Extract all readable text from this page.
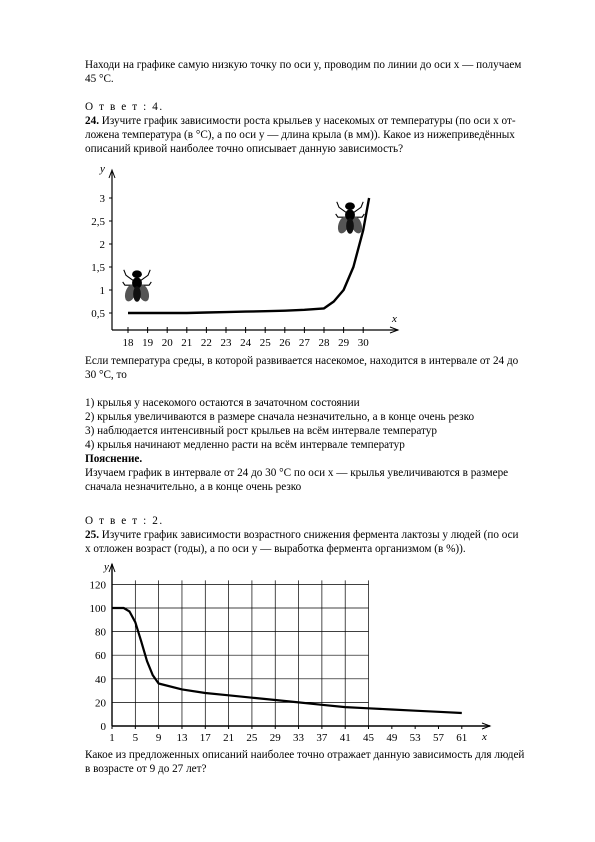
Находи на графике самую низкую точку по оси y, проводим по линии до оси x — получаем
45 °С.
О т в е т : 4.
24. Изучите график зависимости роста крыльев у насекомых от температуры (по оси x от-
ложена температура (в °С), а по оси y — длина крыла (в мм)). Какое из нижеприведённых
описаний кривой наиболее точно описывает данную зависимость?
y
x
0,5
1
1,5
2
2,5
3
18 19 20 21 22 23 24 25 26 27 28 29 30
Если температура среды, в которой развивается насекомое, находится в интервале от 24 до
30 °С, то
1) крылья у насекомого остаются в зачаточном состоянии
2) крылья увеличиваются в размере сначала незначительно, а в конце очень резко
3) наблюдается интенсивный рост крыльев на всём интервале температур
4) крылья начинают медленно расти на всём интервале температур
Пояснение.
Изучаем график в интервале от 24 до 30 °С по оси x — крылья увеличиваются в размере
сначала незначительно, а в конце очень резко
О т в е т : 2.
25. Изучите график зависимости возрастного снижения фермента лактозы у людей (по оси
x отложен возраст (годы), а по оси y — выработка фермента организмом (в %)).
y
x
0
20
40
60
80
100
120
1 5 9 13 17 21 25 29 33 37 41 45 49 53 57 61
Какое из предложенных описаний наиболее точно отражает данную зависимость для людей
в возрасте от 9 до 27 лет?
